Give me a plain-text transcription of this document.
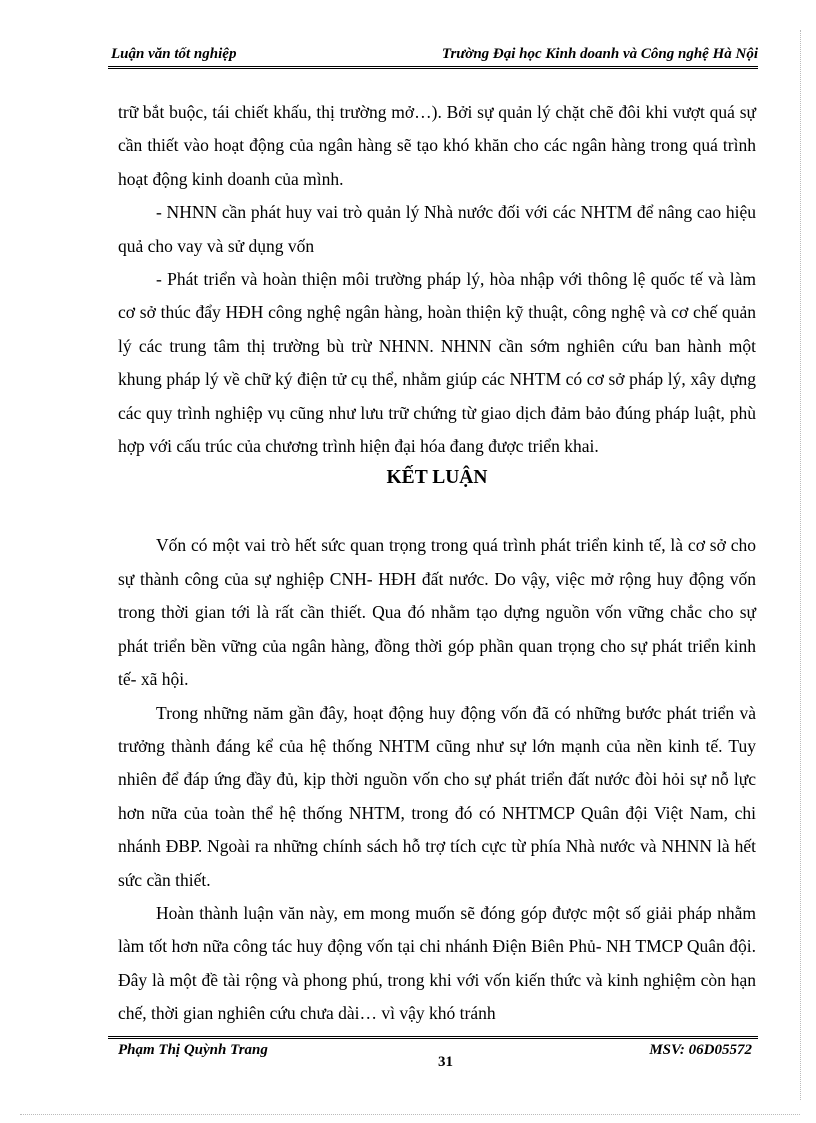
Luận văn tốt nghiệp	Trường Đại học Kinh doanh và Công nghệ Hà Nội

trữ bắt buộc, tái chiết khấu, thị trường mở…). Bởi sự quản lý chặt chẽ đôi khi vượt quá sự cần thiết vào hoạt động của ngân hàng sẽ tạo khó khăn cho các ngân hàng trong quá trình hoạt động kinh doanh của mình.

- NHNN cần phát huy vai trò quản lý Nhà nước đối với các NHTM để nâng cao hiệu quả cho vay và sử dụng vốn

- Phát triển và hoàn thiện môi trường pháp lý, hòa nhập với thông lệ quốc tế và làm cơ sở thúc đẩy HĐH công nghệ ngân hàng, hoàn thiện kỹ thuật, công nghệ và cơ chế quản lý các trung tâm thị trường bù trừ NHNN. NHNN cần sớm nghiên cứu ban hành một khung pháp lý về chữ ký điện tử cụ thể, nhằm giúp các NHTM có cơ sở pháp lý, xây dựng các quy trình nghiệp vụ cũng như lưu trữ chứng từ giao dịch đảm bảo đúng pháp luật, phù hợp với cấu trúc của chương trình hiện đại hóa đang được triển khai.

KẾT LUẬN

Vốn có một vai trò hết sức quan trọng trong quá trình phát triển kinh tế, là cơ sở cho sự thành công của sự nghiệp CNH- HĐH đất nước. Do vậy, việc mở rộng huy động vốn trong thời gian tới là rất cần thiết. Qua đó nhằm tạo dựng nguồn vốn vững chắc cho sự phát triển bền vững của ngân hàng, đồng thời góp phần quan trọng cho sự phát triển kinh tế- xã hội.

Trong những năm gần đây, hoạt động huy động vốn đã có những bước phát triển và trưởng thành đáng kể của hệ thống NHTM cũng như sự lớn mạnh của nền kinh tế. Tuy nhiên để đáp ứng đầy đủ, kịp thời nguồn vốn cho sự phát triển đất nước đòi hỏi sự nỗ lực hơn nữa của toàn thể hệ thống NHTM, trong đó có NHTMCP Quân đội Việt Nam, chi nhánh ĐBP. Ngoài ra những chính sách hỗ trợ tích cực từ phía Nhà nước và NHNN là hết sức cần thiết.

Hoàn thành luận văn này, em mong muốn sẽ đóng góp được một số giải pháp nhằm làm tốt hơn nữa công tác huy động vốn tại chi nhánh Điện Biên Phủ- NH TMCP Quân đội. Đây là một đề tài rộng và phong phú, trong khi với vốn kiến thức và kinh nghiệm còn hạn chế, thời gian nghiên cứu chưa dài… vì vậy khó tránh

Phạm Thị Quỳnh Trang
31
MSV: 06D05572
